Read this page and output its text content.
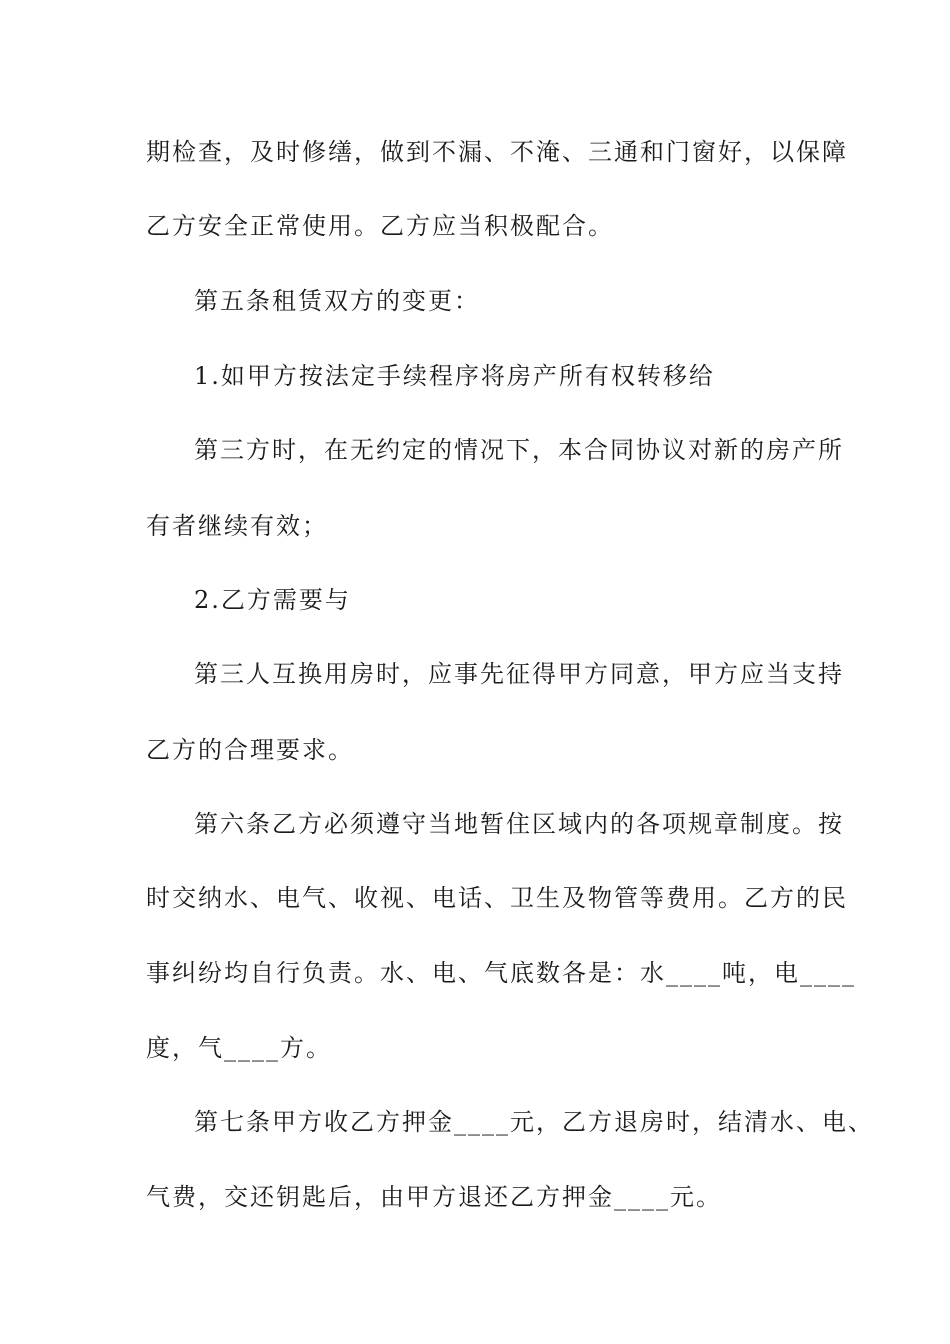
期检查，及时修缮，做到不漏、不淹、三通和门窗好，以保障
乙方安全正常使用。乙方应当积极配合。
第五条租赁双方的变更：
1.如甲方按法定手续程序将房产所有权转移给
第三方时，在无约定的情况下，本合同协议对新的房产所
有者继续有效；
2.乙方需要与
第三人互换用房时，应事先征得甲方同意，甲方应当支持
乙方的合理要求。
第六条乙方必须遵守当地暂住区域内的各项规章制度。按
时交纳水、电气、收视、电话、卫生及物管等费用。乙方的民
事纠纷均自行负责。水、电、气底数各是：水____吨，电____
度，气____方。
第七条甲方收乙方押金____元，乙方退房时，结清水、电、
气费，交还钥匙后，由甲方退还乙方押金____元。
